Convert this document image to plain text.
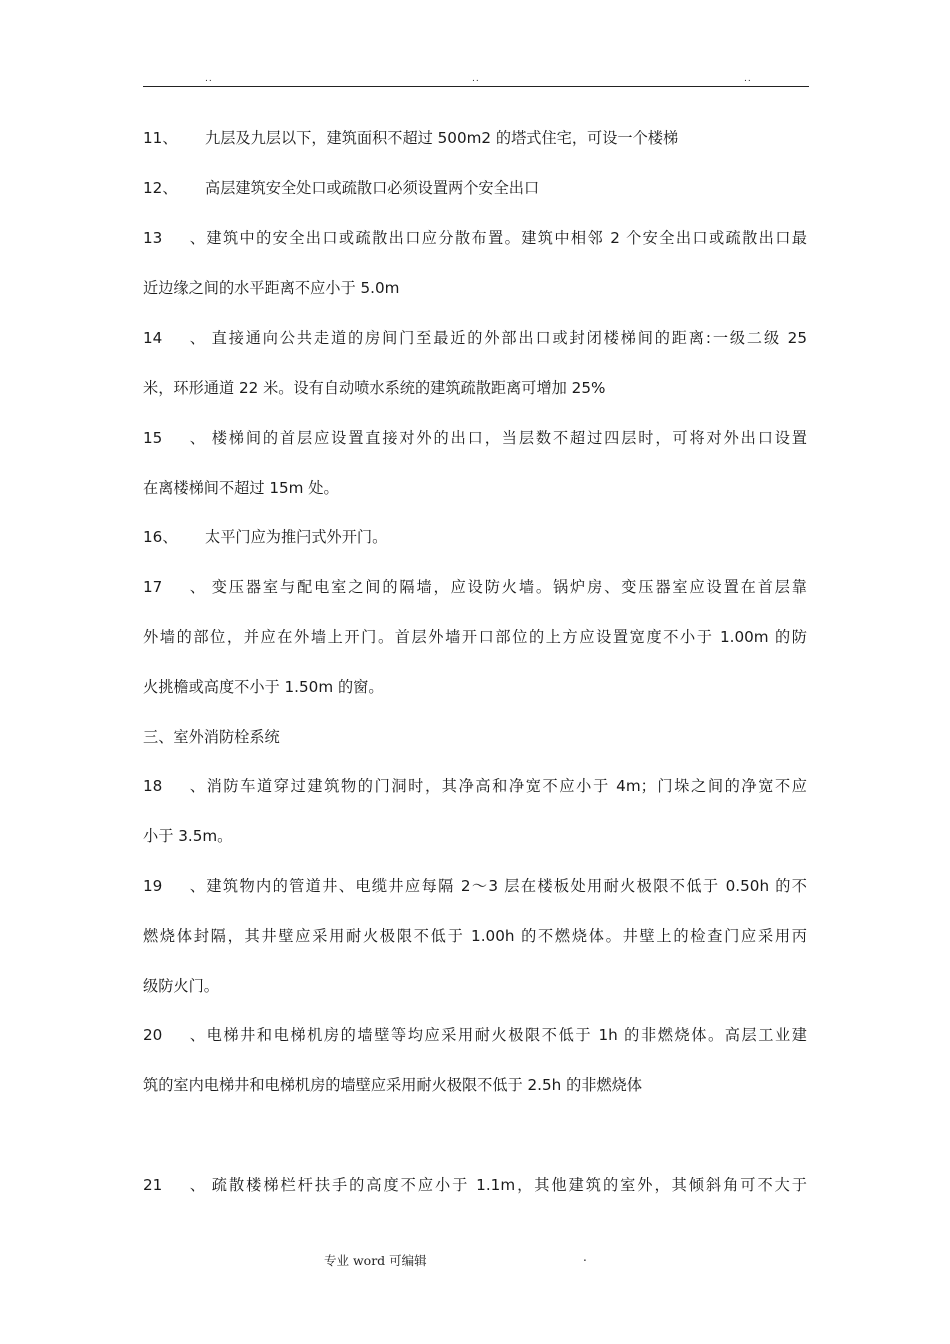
..	..	..
11、 九层及九层以下，建筑面积不超过 500m2 的塔式住宅，可设一个楼梯
12、 高层建筑安全处口或疏散口必须设置两个安全出口
13、建筑中的安全出口或疏散出口应分散布置。建筑中相邻 2 个安全出口或疏散出口最
近边缘之间的水平距离不应小于 5.0m
14、 直接通向公共走道的房间门至最近的外部出口或封闭楼梯间的距离:一级二级 25
米，环形通道 22 米。设有自动喷水系统的建筑疏散距离可增加 25%
15、 楼梯间的首层应设置直接对外的出口，当层数不超过四层时，可将对外出口设置
在离楼梯间不超过 15m 处。
16、 太平门应为推闩式外开门。
17、 变压器室与配电室之间的隔墙，应设防火墙。锅炉房、变压器室应设置在首层靠
外墙的部位，并应在外墙上开门。首层外墙开口部位的上方应设置宽度不小于 1.00m 的防
火挑檐或高度不小于 1.50m 的窗。
三、室外消防栓系统
18、消防车道穿过建筑物的门洞时，其净高和净宽不应小于 4m；门垛之间的净宽不应
小于 3.5m。
19、建筑物内的管道井、电缆井应每隔 2～3 层在楼板处用耐火极限不低于 0.50h 的不
燃烧体封隔，其井壁应采用耐火极限不低于 1.00h 的不燃烧体。井壁上的检查门应采用丙
级防火门。
20、电梯井和电梯机房的墙壁等均应采用耐火极限不低于 1h 的非燃烧体。高层工业建
筑的室内电梯井和电梯机房的墙壁应采用耐火极限不低于 2.5h 的非燃烧体
21、 疏散楼梯栏杆扶手的高度不应小于 1.1m，其他建筑的室外，其倾斜角可不大于
专业 word 可编辑	.
